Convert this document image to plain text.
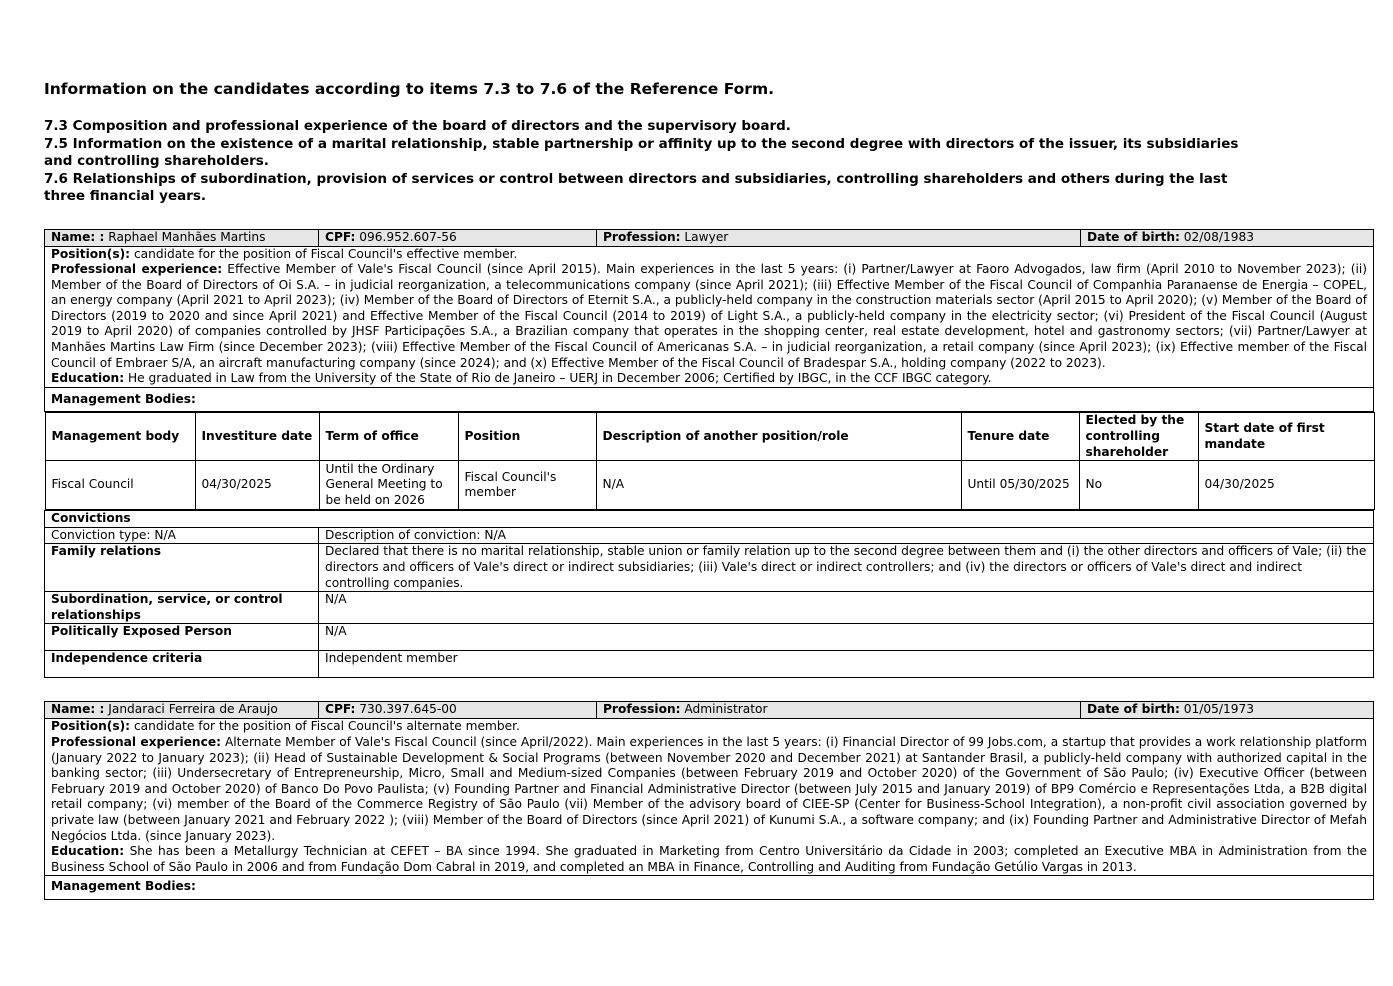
Information on the candidates according to items 7.3 to 7.6 of the Reference Form.
7.3 Composition and professional experience of the board of directors and the supervisory board.
7.5 Information on the existence of a marital relationship, stable partnership or affinity up to the second degree with directors of the issuer, its subsidiaries and controlling shareholders.
7.6 Relationships of subordination, provision of services or control between directors and subsidiaries, controlling shareholders and others during the last three financial years.
Name: : Raphael Manhães Martins	CPF: 096.952.607-56	Profession: Lawyer	Date of birth: 02/08/1983

Position(s): candidate for the position of Fiscal Council's effective member.
Professional experience: Effective Member of Vale's Fiscal Council (since April 2015). Main experiences in the last 5 years: (i) Partner/Lawyer at Faoro Advogados, law firm (April 2010 to November 2023); (ii) Member of the Board of Directors of Oi S.A. – in judicial reorganization, a telecommunications company (since April 2021); (iii) Effective Member of the Fiscal Council of Companhia Paranaense de Energia – COPEL, an energy company (April 2021 to April 2023); (iv) Member of the Board of Directors of Eternit S.A., a publicly-held company in the construction materials sector (April 2015 to April 2020); (v) Member of the Board of Directors (2019 to 2020 and since April 2021) and Effective Member of the Fiscal Council (2014 to 2019) of Light S.A., a publicly-held company in the electricity sector; (vi) President of the Fiscal Council (August 2019 to April 2020) of companies controlled by JHSF Participações S.A., a Brazilian company that operates in the shopping center, real estate development, hotel and gastronomy sectors; (vii) Partner/Lawyer at Manhães Martins Law Firm (since December 2023); (viii) Effective Member of the Fiscal Council of Americanas S.A. – in judicial reorganization, a retail company (since April 2023); (ix) Effective member of the Fiscal Council of Embraer S/A, an aircraft manufacturing company (since 2024); and (x) Effective Member of the Fiscal Council of Bradespar S.A., holding company (2022 to 2023).
Education: He graduated in Law from the University of the State of Rio de Janeiro – UERJ in December 2006; Certified by IBGC, in the CCF IBGC category.

Management Bodies:

Management body	Investiture date	Term of office	Position	Description of another position/role	Tenure date	Elected by the controlling shareholder	Start date of first mandate
Fiscal Council	04/30/2025	Until the Ordinary General Meeting to be held on 2026	Fiscal Council's member	N/A	Until 05/30/2025	No	04/30/2025

Convictions
Conviction type: N/A	Description of conviction: N/A
Family relations	Declared that there is no marital relationship, stable union or family relation up to the second degree between them and (i) the other directors and officers of Vale; (ii) the directors and officers of Vale's direct or indirect subsidiaries; (iii) Vale's direct or indirect controllers; and (iv) the directors or officers of Vale's direct and indirect controlling companies.
Subordination, service, or control relationships	N/A
Politically Exposed Person	N/A
Independence criteria	Independent member
Name: : Jandaraci Ferreira de Araujo	CPF: 730.397.645-00	Profession: Administrator	Date of birth: 01/05/1973

Position(s): candidate for the position of Fiscal Council's alternate member.
Professional experience: Alternate Member of Vale's Fiscal Council (since April/2022). Main experiences in the last 5 years: (i) Financial Director of 99 Jobs.com, a startup that provides a work relationship platform (January 2022 to January 2023); (ii) Head of Sustainable Development & Social Programs (between November 2020 and December 2021) at Santander Brasil, a publicly-held company with authorized capital in the banking sector; (iii) Undersecretary of Entrepreneurship, Micro, Small and Medium-sized Companies (between February 2019 and October 2020) of the Government of São Paulo; (iv) Executive Officer (between February 2019 and October 2020) of Banco Do Povo Paulista; (v) Founding Partner and Financial Administrative Director (between July 2015 and January 2019) of BP9 Comércio e Representações Ltda, a B2B digital retail company; (vi) member of the Board of the Commerce Registry of São Paulo (vii) Member of the advisory board of CIEE-SP (Center for Business-School Integration), a non-profit civil association governed by private law (between January 2021 and February 2022 ); (viii) Member of the Board of Directors (since April 2021) of Kunumi S.A., a software company; and (ix) Founding Partner and Administrative Director of Mefah Negócios Ltda. (since January 2023).
Education: She has been a Metallurgy Technician at CEFET – BA since 1994. She graduated in Marketing from Centro Universitário da Cidade in 2003; completed an Executive MBA in Administration from the Business School of São Paulo in 2006 and from Fundação Dom Cabral in 2019, and completed an MBA in Finance, Controlling and Auditing from Fundação Getúlio Vargas in 2013.

Management Bodies:
